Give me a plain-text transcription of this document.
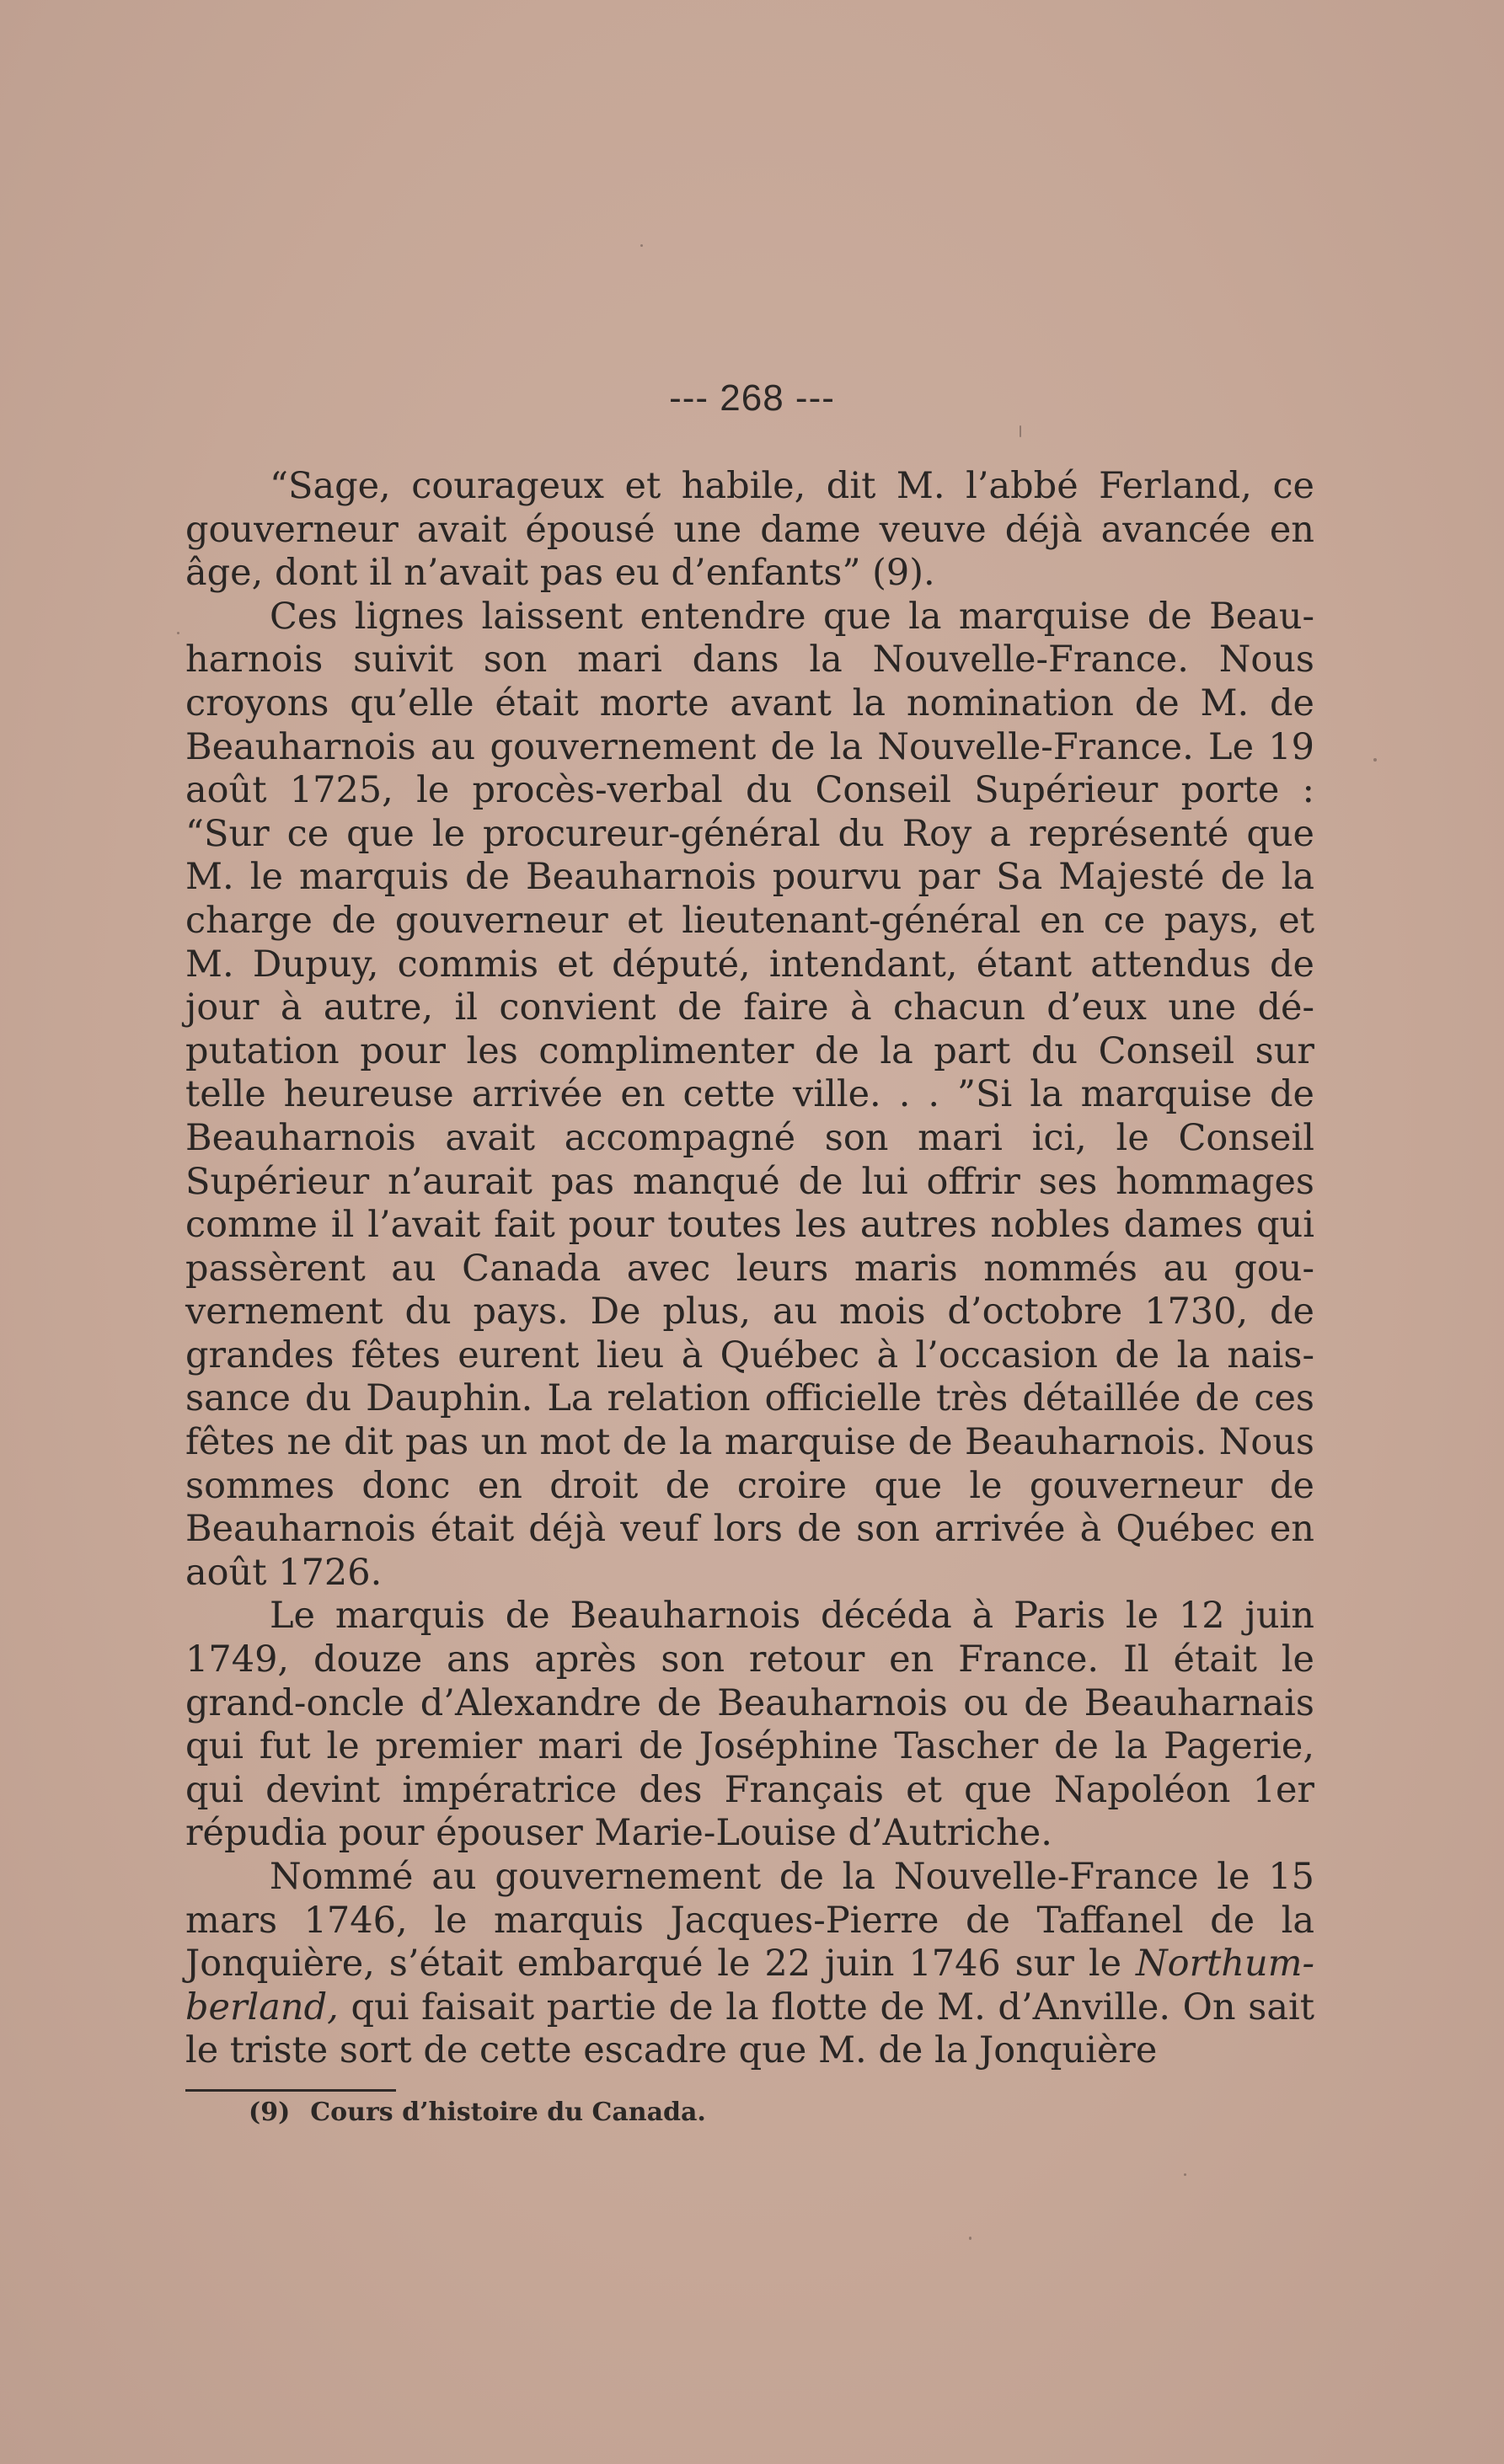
--- 268 ---

“Sage, courageux et habile, dit M. l’abbé Ferland, ce gouverneur avait épousé une dame veuve déjà avancée en âge, dont il n’avait pas eu d’enfants” (9).

Ces lignes laissent entendre que la marquise de Beauharnois suivit son mari dans la Nouvelle-France. Nous croyons qu’elle était morte avant la nomination de M. de Beauharnois au gouvernement de la Nouvelle-France. Le 19 août 1725, le procès-verbal du Conseil Supérieur porte : “Sur ce que le procureur-général du Roy a représenté que M. le marquis de Beauharnois pourvu par Sa Majesté de la charge de gouverneur et lieutenant-général en ce pays, et M. Dupuy, commis et député, intendant, étant attendus de jour à autre, il convient de faire à chacun d’eux une députation pour les complimenter de la part du Conseil sur telle heureuse arrivée en cette ville. . . ”Si la marquise de Beauharnois avait accompagné son mari ici, le Conseil Supérieur n’aurait pas manqué de lui offrir ses hommages comme il l’avait fait pour toutes les autres nobles dames qui passèrent au Canada avec leurs maris nommés au gouvernement du pays. De plus, au mois d’octobre 1730, de grandes fêtes eurent lieu à Québec à l’occasion de la naissance du Dauphin. La relation officielle très détaillée de ces fêtes ne dit pas un mot de la marquise de Beauharnois. Nous sommes donc en droit de croire que le gouverneur de Beauharnois était déjà veuf lors de son arrivée à Québec en août 1726.

Le marquis de Beauharnois décéda à Paris le 12 juin 1749, douze ans après son retour en France. Il était le grand-oncle d’Alexandre de Beauharnois ou de Beauharnais qui fut le premier mari de Joséphine Tascher de la Pagerie, qui devint impératrice des Français et que Napoléon 1er répudia pour épouser Marie-Louise d’Autriche.

Nommé au gouvernement de la Nouvelle-France le 15 mars 1746, le marquis Jacques-Pierre de Taffanel de la Jonquière, s’était embarqué le 22 juin 1746 sur le Northumberland, qui faisait partie de la flotte de M. d’Anville. On sait le triste sort de cette escadre que M. de la Jonquière

(9) Cours d’histoire du Canada.
